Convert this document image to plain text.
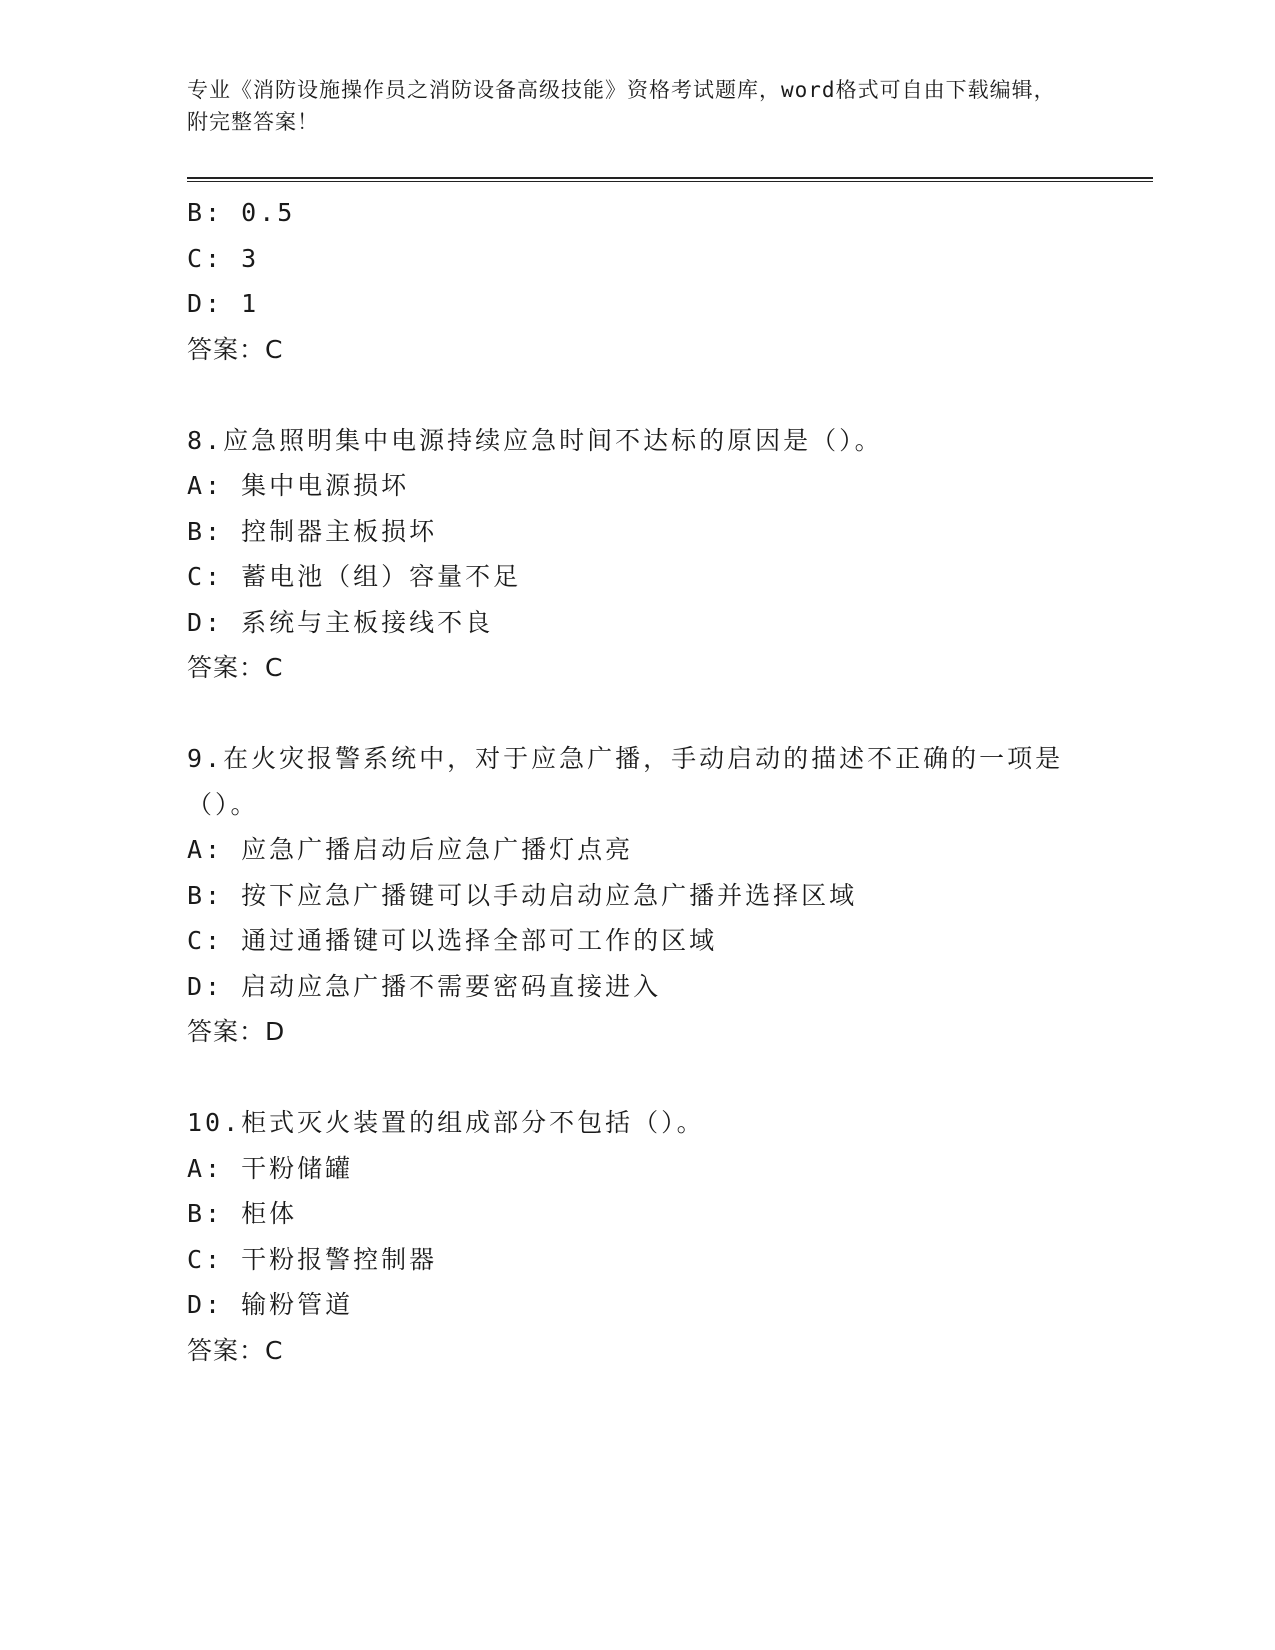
专业《消防设施操作员之消防设备高级技能》资格考试题库，word格式可自由下载编辑，附完整答案！
B: 0.5
C: 3
D: 1
答案：C
8.应急照明集中电源持续应急时间不达标的原因是（）。
A: 集中电源损坏
B: 控制器主板损坏
C: 蓄电池（组）容量不足
D: 系统与主板接线不良
答案：C
9.在火灾报警系统中，对于应急广播，手动启动的描述不正确的一项是（）。
A: 应急广播启动后应急广播灯点亮
B: 按下应急广播键可以手动启动应急广播并选择区域
C: 通过通播键可以选择全部可工作的区域
D: 启动应急广播不需要密码直接进入
答案：D
10.柜式灭火装置的组成部分不包括（）。
A: 干粉储罐
B: 柜体
C: 干粉报警控制器
D: 输粉管道
答案：C
